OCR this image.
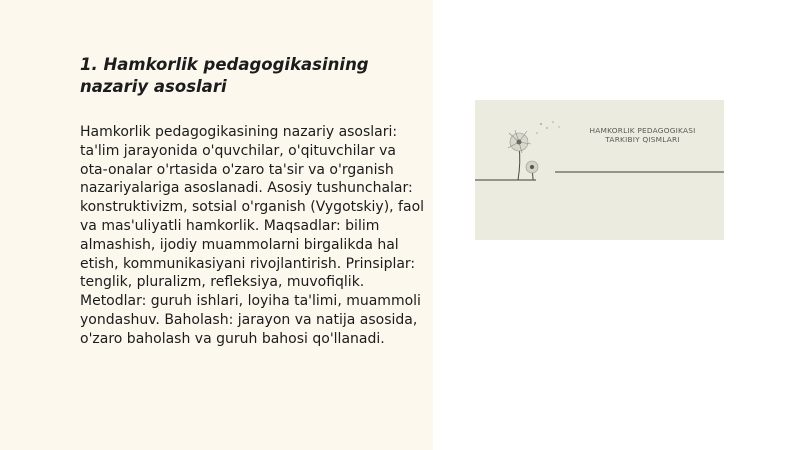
1. Hamkorlik pedagogikasining nazariy asoslari

Hamkorlik pedagogikasining nazariy asoslari: ta'lim jarayonida o'quvchilar, o'qituvchilar va ota-onalar o'rtasida o'zaro ta'sir va o'rganish nazariyalariga asoslanadi. Asosiy tushunchalar: konstruktivizm, sotsial o'rganish (Vygotskiy), faol va mas'uliyatli hamkorlik. Maqsadlar: bilim almashish, ijodiy muammolarni birgalikda hal etish, kommunikasiyani rivojlantirish. Prinsiplar: tenglik, pluralizm, refleksiya, muvofiqlik. Metodlar: guruh ishlari, loyiha ta'limi, muammoli yondashuv. Baholash: jarayon va natija asosida, o'zaro baholash va guruh bahosi qo'llanadi.

HAMKORLIK PEDAGOGIKASI
TARKIBIY QISMLARI
